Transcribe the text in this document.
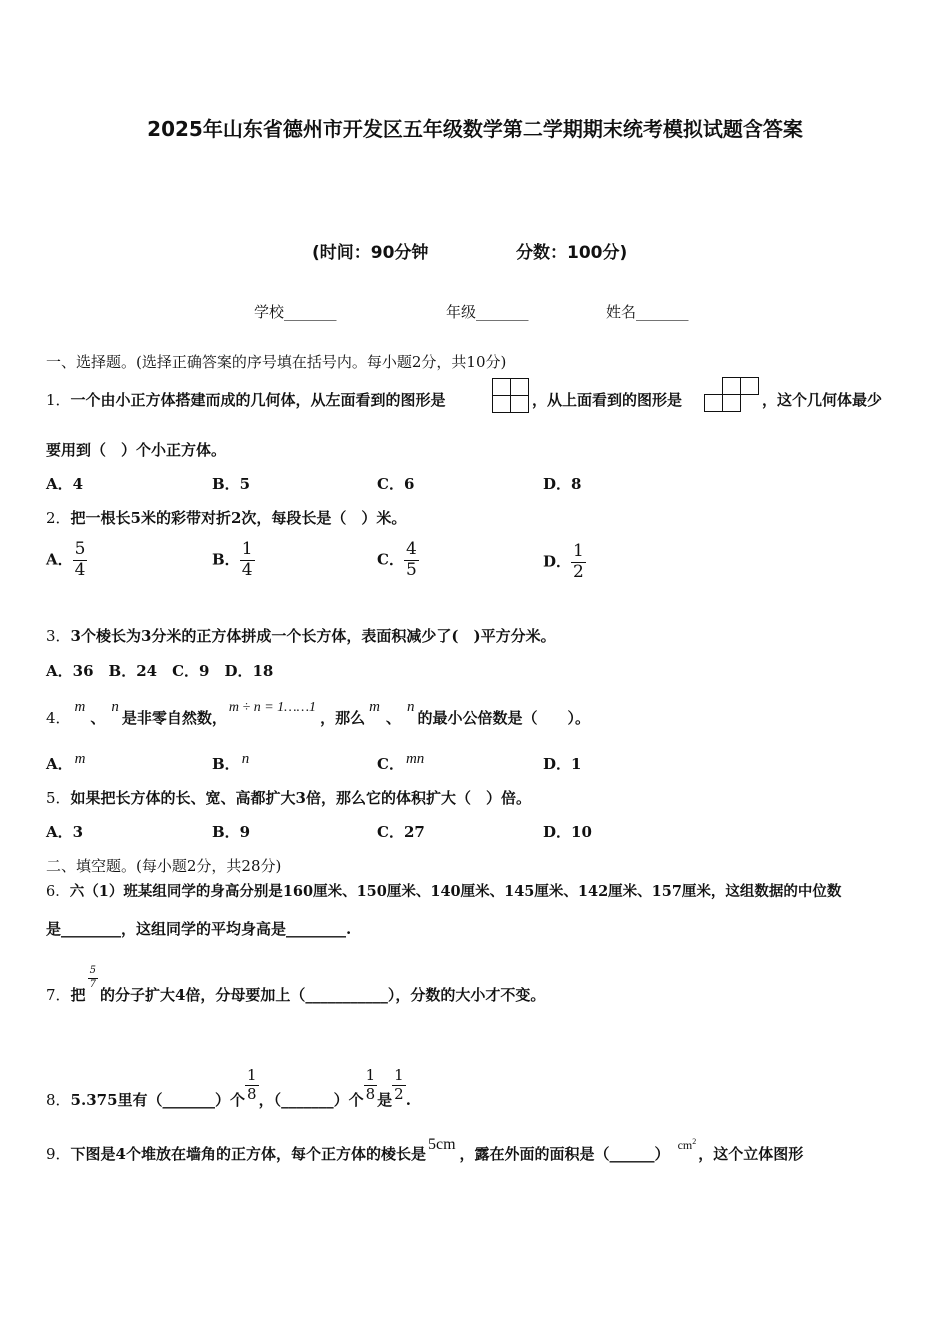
2025年山东省德州市开发区五年级数学第二学期期末统考模拟试题含答案
(时间：90分钟	分数：100分)
学校_______	年级_______	姓名_______
一、选择题。(选择正确答案的序号填在括号内。每小题2分，共10分)
1．一个由小正方体搭建而成的几何体，从左面看到的图形是	，从上面看到的图形是	，这个几何体最少
要用到（　）个小正方体。
A．4	B．5	C．6	D．8
2．把一根长5米的彩带对折2次，每段长是（　）米。
A． $\frac{5}{4}$	B． $\frac{1}{4}$	C． $\frac{4}{5}$	D． $\frac{1}{2}$
3．3个棱长为3分米的正方体拼成一个长方体，表面积减少了(　)平方分米。
A．36　B．24　C．9　D．18
4．m、n是非零自然数，m ÷ n = 1……1，那么m、n的最小公倍数是（　　）。
A． m	B． n	C． mn	D．1
5．如果把长方体的长、宽、高都扩大3倍，那么它的体积扩大（　）倍。
A．3	B．9	C．27	D．10
二、填空题。(每小题2分，共28分)
6．六（1）班某组同学的身高分别是160厘米、150厘米、140厘米、145厘米、142厘米、157厘米，这组数据的中位数
是________，这组同学的平均身高是________.
7．把
$\frac{5}{7}$
的分子扩大4倍，分母要加上（___________），分数的大小才不变。
8．5.375里有（_______）个 $\frac{1}{8}$ ，（_______）个 $\frac{1}{8}$ 是 $\frac{1}{2}$ .
9．下图是4个堆放在墙角的正方体，每个正方体的棱长是5cm，露在外面的面积是（______） $^{cm^2}$，这个立体图形
